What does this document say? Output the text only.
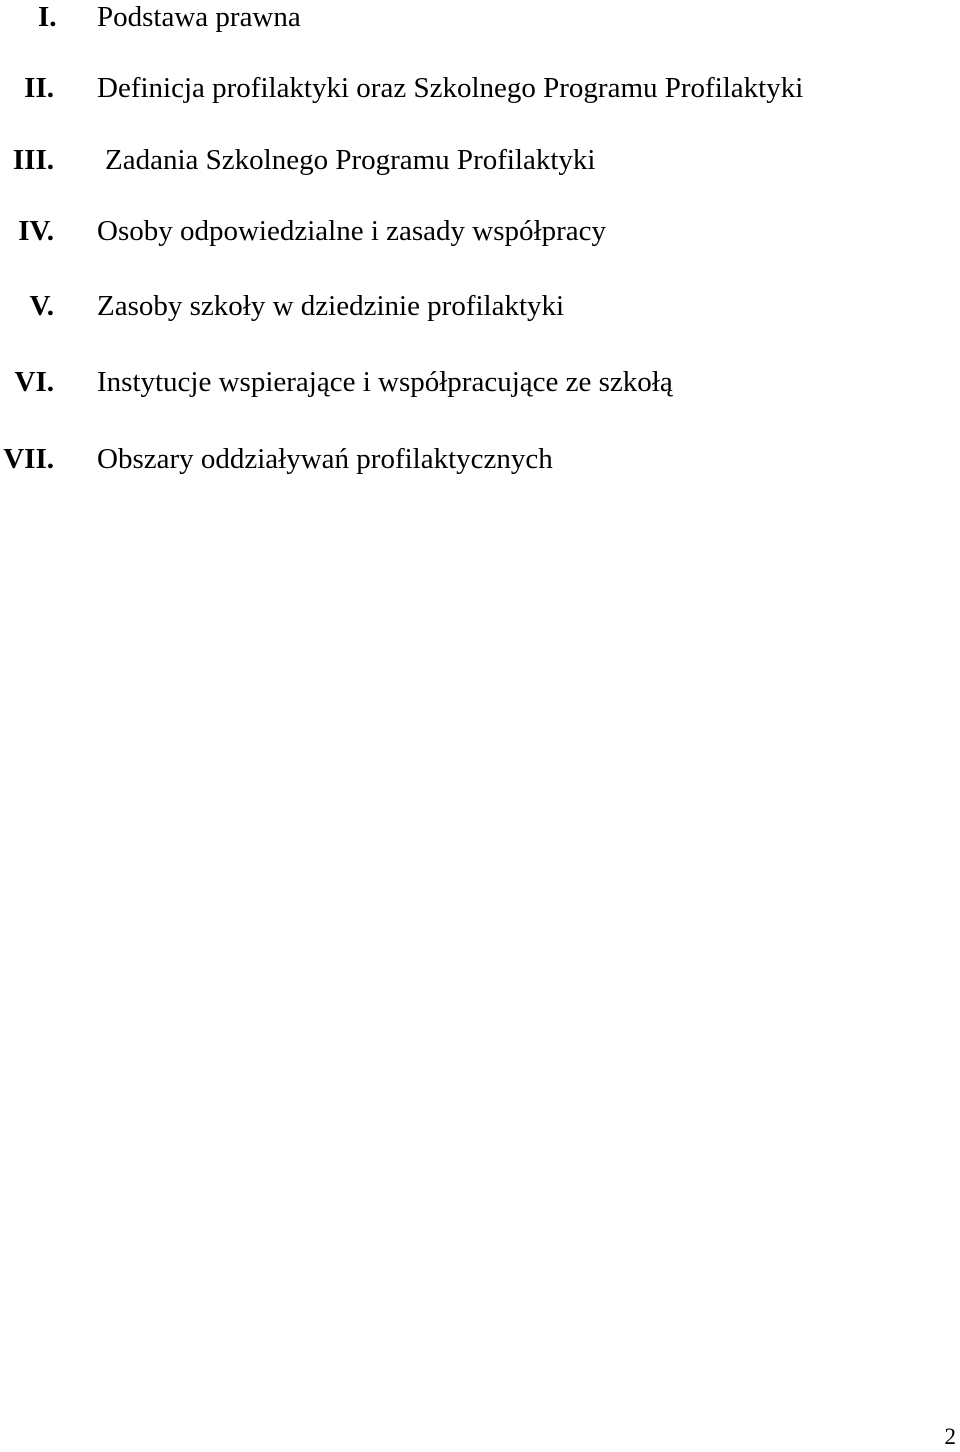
I. Podstawa prawna
II. Definicja profilaktyki oraz Szkolnego Programu Profilaktyki
III. Zadania Szkolnego Programu Profilaktyki
IV. Osoby odpowiedzialne i zasady współpracy
V. Zasoby szkoły w dziedzinie profilaktyki
VI. Instytucje wspierające i współpracujące ze szkołą
VII. Obszary oddziaływań profilaktycznych
2
